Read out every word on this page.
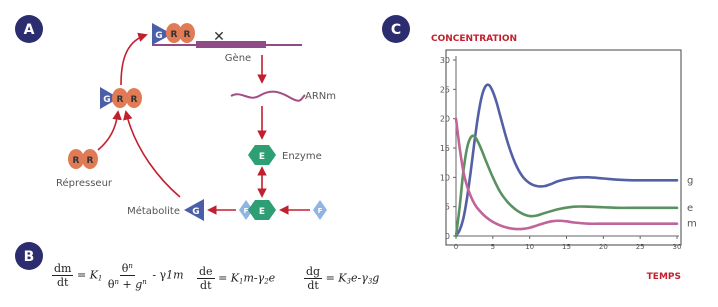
A
B
C
✕
Gène
G R R
ARNm
E Enzyme
F E	F
G
Métabolite
R R
Répresseur
G R R
CONCENTRATION
TEMPS
0
5
10
15
20
25
30
0	5	10	15	20	25	30
g
e
m
$\frac{dm}{dt} = K_1 \frac{\theta^n}{\theta^n + g^n} - \gamma 1m \frac{de}{dt} = K_1m-\gamma_2e$	$\frac{dg}{dt} = K_3e-\gamma_3g$
